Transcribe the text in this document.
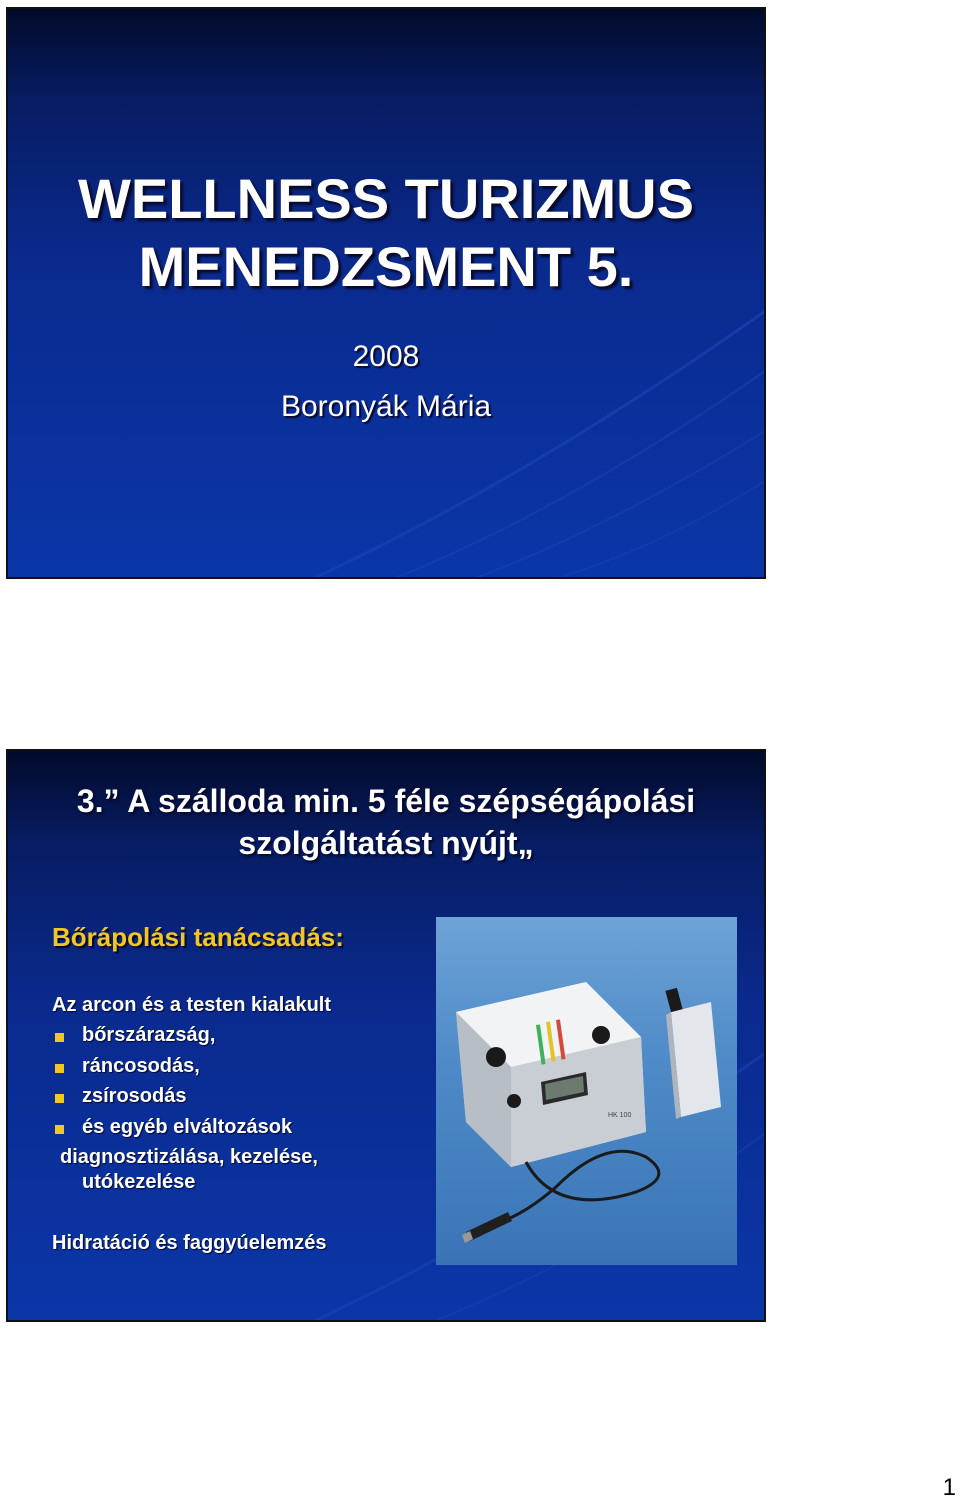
WELLNESS TURIZMUS
MENEDZSMENT 5.
2008
Boronyák Mária
3.” A szálloda min. 5 féle szépségápolási
szolgáltatást nyújt„
Bőrápolási tanácsadás:
Az arcon és a testen kialakult
bőrszárazság,
ráncosodás,
zsírosodás
és egyéb elváltozások
diagnosztizálása, kezelése,
utókezelése
Hidratáció és faggyúelemzés
HK 100
1
